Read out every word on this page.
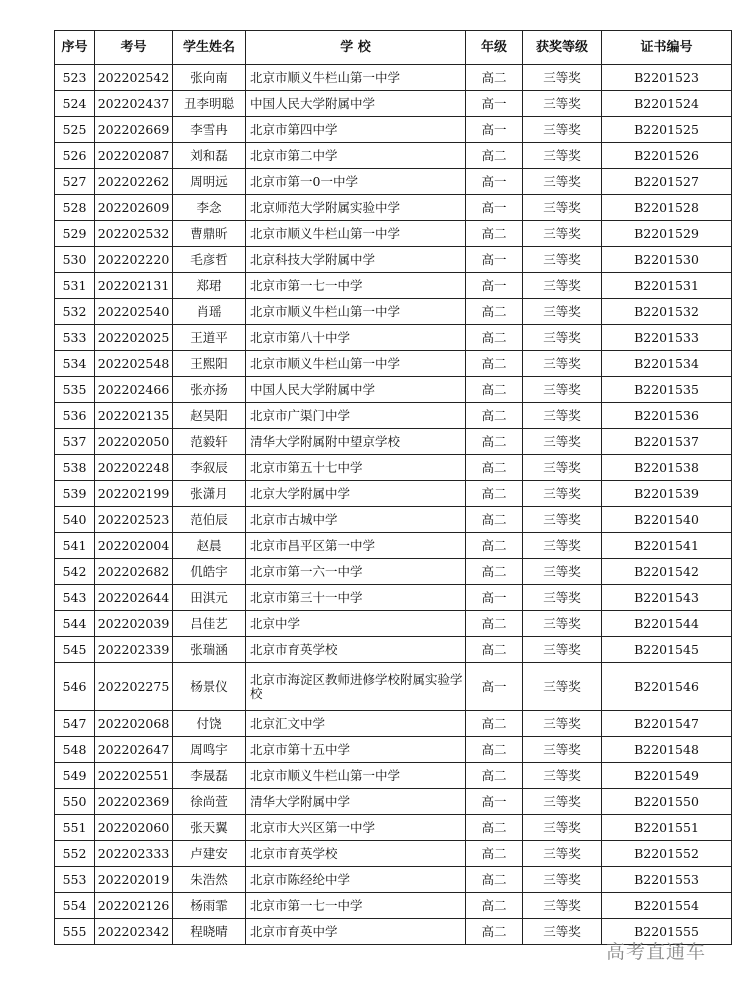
序号	考号	学生姓名	学 校	年级	获奖等级	证书编号
523	202202542	张向南	北京市顺义牛栏山第一中学	高二	三等奖	B2201523
524	202202437	丑李明聪	中国人民大学附属中学	高一	三等奖	B2201524
525	202202669	李雪冉	北京市第四中学	高一	三等奖	B2201525
526	202202087	刘和磊	北京市第二中学	高二	三等奖	B2201526
527	202202262	周明远	北京市第一0一中学	高一	三等奖	B2201527
528	202202609	李念	北京师范大学附属实验中学	高一	三等奖	B2201528
529	202202532	曹鼎昕	北京市顺义牛栏山第一中学	高二	三等奖	B2201529
530	202202220	毛彦哲	北京科技大学附属中学	高一	三等奖	B2201530
531	202202131	郑珺	北京市第一七一中学	高一	三等奖	B2201531
532	202202540	肖瑶	北京市顺义牛栏山第一中学	高二	三等奖	B2201532
533	202202025	王道平	北京市第八十中学	高二	三等奖	B2201533
534	202202548	王熙阳	北京市顺义牛栏山第一中学	高二	三等奖	B2201534
535	202202466	张亦扬	中国人民大学附属中学	高二	三等奖	B2201535
536	202202135	赵昊阳	北京市广渠门中学	高二	三等奖	B2201536
537	202202050	范毅轩	清华大学附属附中望京学校	高二	三等奖	B2201537
538	202202248	李叙辰	北京市第五十七中学	高二	三等奖	B2201538
539	202202199	张潇月	北京大学附属中学	高二	三等奖	B2201539
540	202202523	范伯辰	北京市古城中学	高二	三等奖	B2201540
541	202202004	赵晨	北京市昌平区第一中学	高二	三等奖	B2201541
542	202202682	仉皓宇	北京市第一六一中学	高二	三等奖	B2201542
543	202202644	田淇元	北京市第三十一中学	高一	三等奖	B2201543
544	202202039	吕佳艺	北京中学	高二	三等奖	B2201544
545	202202339	张瑞涵	北京市育英学校	高二	三等奖	B2201545
546	202202275	杨景仪	北京市海淀区教师进修学校附属实验学校	高一	三等奖	B2201546
547	202202068	付饶	北京汇文中学	高二	三等奖	B2201547
548	202202647	周鸣宇	北京市第十五中学	高二	三等奖	B2201548
549	202202551	李晟磊	北京市顺义牛栏山第一中学	高二	三等奖	B2201549
550	202202369	徐尚萱	清华大学附属中学	高一	三等奖	B2201550
551	202202060	张天翼	北京市大兴区第一中学	高二	三等奖	B2201551
552	202202333	卢建安	北京市育英学校	高二	三等奖	B2201552
553	202202019	朱浩然	北京市陈经纶中学	高二	三等奖	B2201553
554	202202126	杨雨霏	北京市第一七一中学	高二	三等奖	B2201554
555	202202342	程晓晴	北京市育英中学	高二	三等奖	B2201555
高考直通车
